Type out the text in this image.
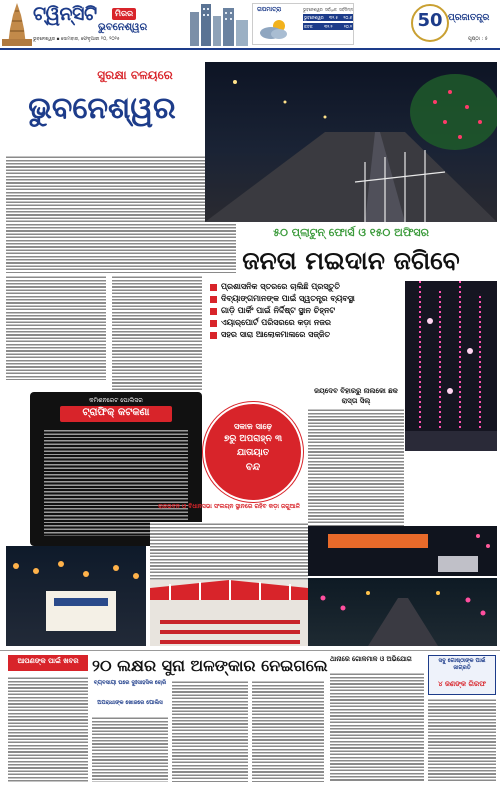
ଟ୍ୱିନ୍‌ସିଟି	ମିରର
ଭୁବନେଶ୍ୱର
ଭୁବନେଶ୍ୱର ▪ ସୋମବାର, ଫେବୃଆରୀ ୨୦, ୨୦୨୫
ତାପମାତ୍ରା	ଭୁବନେଶ୍ୱର ସର୍ବାଧିକ ସର୍ବନିମ୍ନ
ଭୁବନେଶ୍ୱର ୩୨.୫ ୨୦.୬
କଟକ	୩୨.୨	୨୦.୨	50 ପ୍ରଜାତନ୍ତ୍ର
ପୃଷ୍ଠା : ୫
ସୁରକ୍ଷା ବଳୟରେ
ଭୁବନେଶ୍ୱର
୫୦ ପ୍ଲାଟୁନ୍ ଫୋର୍ସ ଓ ୧୫୦ ଅଫିସର
ଜନତା ମଇଦାନ ଜଗିବେ
ପ୍ରଶାସନିକ ସ୍ତରରେ ଚାଲିଛି ପ୍ରସ୍ତୁତି
ଦିବ୍ୟାଙ୍ଗମାନଙ୍କ ପାଇଁ ସ୍ୱତନ୍ତ୍ର ବ୍ୟବସ୍ଥା
ଗାଡ଼ି ପାର୍କିଂ ପାଇଁ ନିର୍ଦ୍ଦିଷ୍ଟ ସ୍ଥାନ ଚିହ୍ନଟ
ଏୟାର୍‌ପୋର୍ଟ ପରିସରରେ କଡ଼ା ନଜର
ସହର ସାରା ଆଲୋକମାଳାରେ ସଜ୍ଜିତ
କମିଶନରେଟ ପୋଲିସର
ଟ୍ରାଫିକ୍ କଟକଣା
ସକାଳ ସାଢ଼େ
୭ରୁ ଅପରାହ୍ନ ୩
ଯାତାୟାତ
ବନ୍ଦ
ଜୟଦେବ ବିହାରରୁ ନାଲକୋ ଛକ ରାସ୍ତା ସିଲ୍
ରାଜଭବନ ଓ ବିଧାନସଭା ସଂଲଗ୍ନ ସ୍ଥାନରେ ରହିବ କଡ଼ା ଜଗୁଆଳି
ଆପଣଙ୍କ ପାଇଁ ଖବର ୨୦ ଲକ୍ଷର ସୁନା ଅଳଙ୍କାର ନେଇଗଲେ
ବ୍ୟବସାୟୀ ଘରେ ଦୁଃସାହସିକ ଚୋରି
ଅପରାଧୀଙ୍କ ଖୋଜରେ ପୋଲିସ
ଥାନାରେ ଗୋଳମାଳ ଓ ଅଭିଯୋଗ	ସବୁ ଗୋଷ୍ଠୀଙ୍କ ପାଇଁ ଜାଗ୍ରତି
୪ ଜଣଙ୍କ ଗିରଫ
